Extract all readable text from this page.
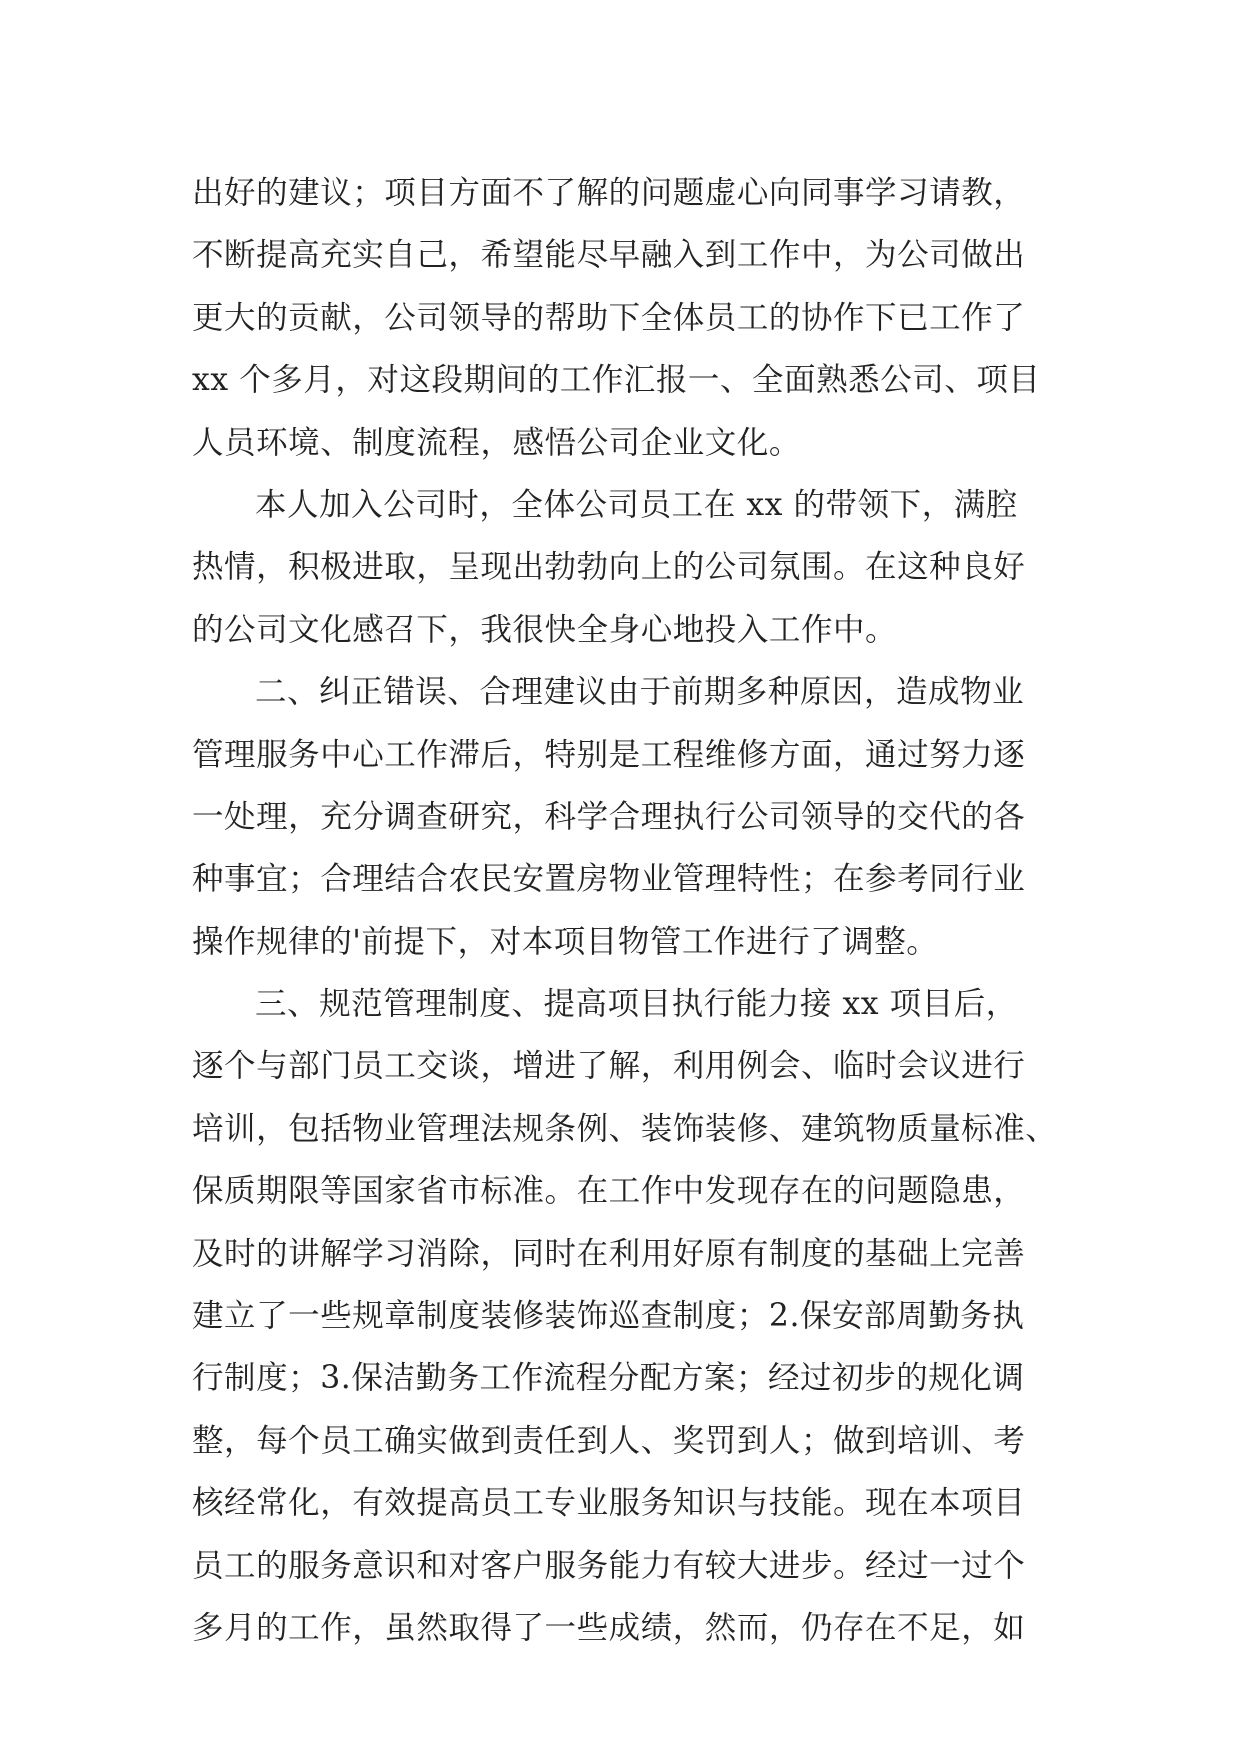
出好的建议；项目方面不了解的问题虚心向同事学习请教，
不断提高充实自己，希望能尽早融入到工作中，为公司做出
更大的贡献，公司领导的帮助下全体员工的协作下已工作了
xx 个多月，对这段期间的工作汇报一、全面熟悉公司、项目
人员环境、制度流程，感悟公司企业文化。
本人加入公司时，全体公司员工在 xx 的带领下，满腔
热情，积极进取，呈现出勃勃向上的公司氛围。在这种良好
的公司文化感召下，我很快全身心地投入工作中。
二、纠正错误、合理建议由于前期多种原因，造成物业
管理服务中心工作滞后，特别是工程维修方面，通过努力逐
一处理，充分调查研究，科学合理执行公司领导的交代的各
种事宜；合理结合农民安置房物业管理特性；在参考同行业
操作规律的'前提下，对本项目物管工作进行了调整。
三、规范管理制度、提高项目执行能力接 xx 项目后，
逐个与部门员工交谈，增进了解，利用例会、临时会议进行
培训，包括物业管理法规条例、装饰装修、建筑物质量标准、
保质期限等国家省市标准。在工作中发现存在的问题隐患，
及时的讲解学习消除，同时在利用好原有制度的基础上完善
建立了一些规章制度装修装饰巡查制度；2.保安部周勤务执
行制度；3.保洁勤务工作流程分配方案；经过初步的规化调
整，每个员工确实做到责任到人、奖罚到人；做到培训、考
核经常化，有效提高员工专业服务知识与技能。现在本项目
员工的服务意识和对客户服务能力有较大进步。经过一过个
多月的工作，虽然取得了一些成绩，然而，仍存在不足，如
